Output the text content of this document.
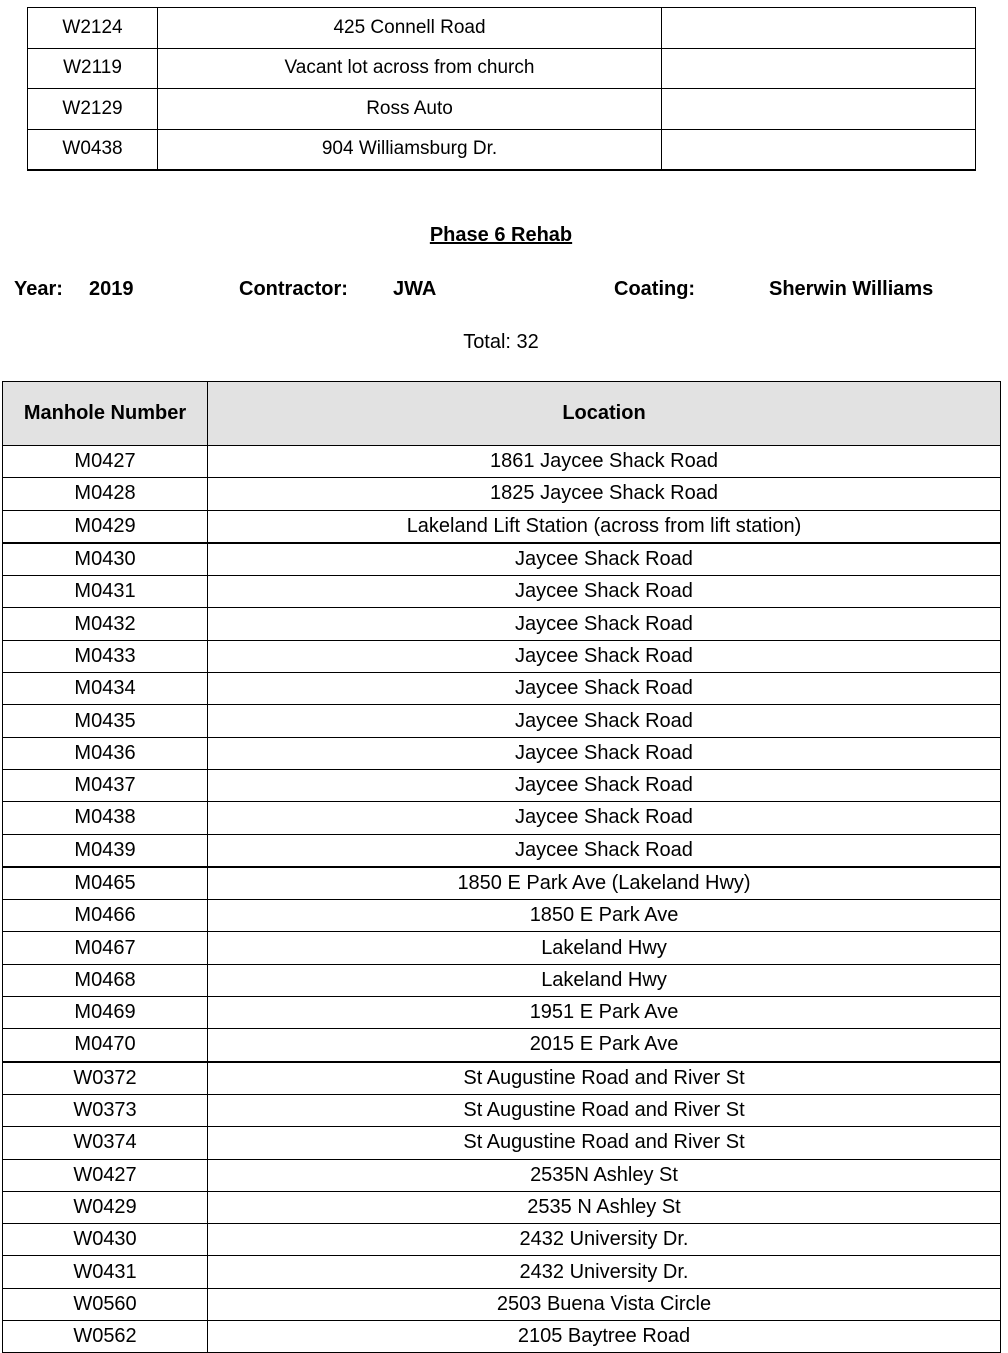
W2124	425 Connell Road	
W2119	Vacant lot across from church	
W2129	Ross Auto	
W0438	904 Williamsburg Dr.	
Phase 6 Rehab
Year: 2019	Contractor: JWA	Coating:	Sherwin Williams
Total: 32
Manhole Number	Location
M0427	1861 Jaycee Shack Road
M0428	1825 Jaycee Shack Road
M0429	Lakeland Lift Station (across from lift station)
M0430	Jaycee Shack Road
M0431	Jaycee Shack Road
M0432	Jaycee Shack Road
M0433	Jaycee Shack Road
M0434	Jaycee Shack Road
M0435	Jaycee Shack Road
M0436	Jaycee Shack Road
M0437	Jaycee Shack Road
M0438	Jaycee Shack Road
M0439	Jaycee Shack Road
M0465	1850 E Park Ave (Lakeland Hwy)
M0466	1850 E Park Ave
M0467	Lakeland Hwy
M0468	Lakeland Hwy
M0469	1951 E Park Ave
M0470	2015 E Park Ave
W0372	St Augustine Road and River St
W0373	St Augustine Road and River St
W0374	St Augustine Road and River St
W0427	2535N Ashley St
W0429	2535 N Ashley St
W0430	2432 University Dr.
W0431	2432 University Dr.
W0560	2503 Buena Vista Circle
W0562	2105 Baytree Road
